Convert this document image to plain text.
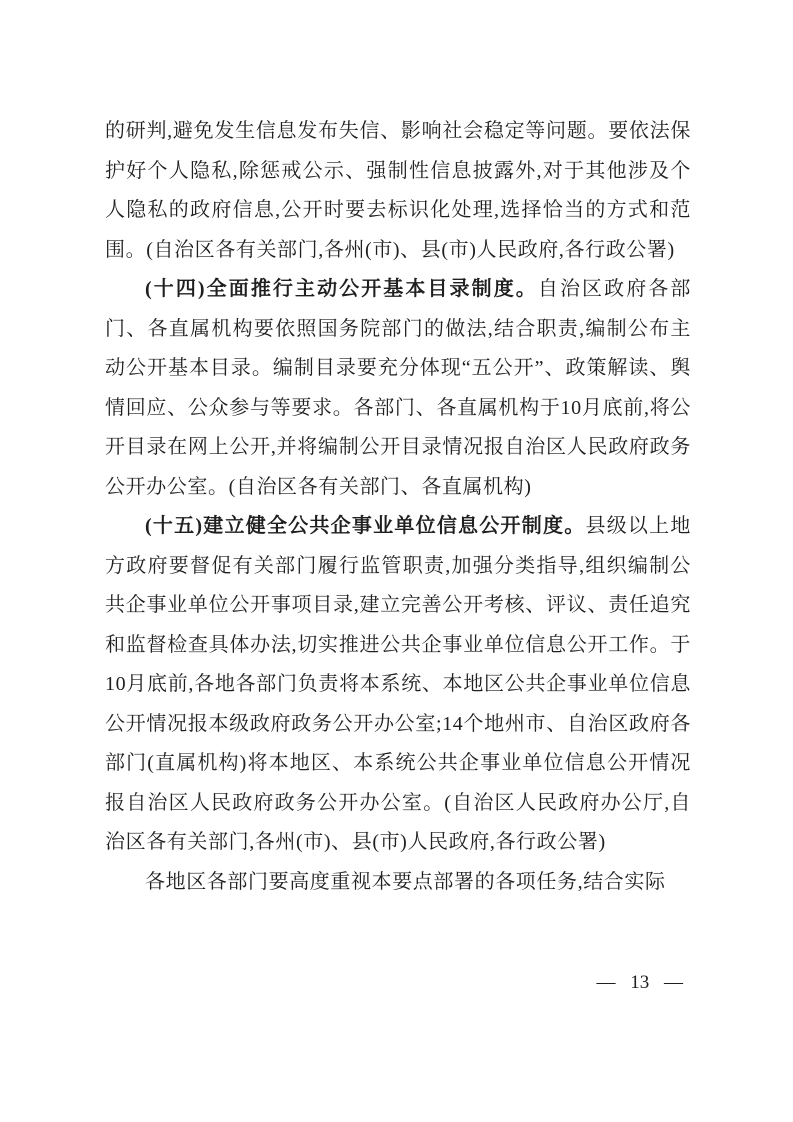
的研判,避免发生信息发布失信、影响社会稳定等问题。要依法保护好个人隐私,除惩戒公示、强制性信息披露外,对于其他涉及个人隐私的政府信息,公开时要去标识化处理,选择恰当的方式和范围。(自治区各有关部门,各州(市)、县(市)人民政府,各行政公署)

(十四)全面推行主动公开基本目录制度。自治区政府各部门、各直属机构要依照国务院部门的做法,结合职责,编制公布主动公开基本目录。编制目录要充分体现“五公开”、政策解读、舆情回应、公众参与等要求。各部门、各直属机构于10月底前,将公开目录在网上公开,并将编制公开目录情况报自治区人民政府政务公开办公室。(自治区各有关部门、各直属机构)

(十五)建立健全公共企事业单位信息公开制度。县级以上地方政府要督促有关部门履行监管职责,加强分类指导,组织编制公共企事业单位公开事项目录,建立完善公开考核、评议、责任追究和监督检查具体办法,切实推进公共企事业单位信息公开工作。于10月底前,各地各部门负责将本系统、本地区公共企事业单位信息公开情况报本级政府政务公开办公室;14个地州市、自治区政府各部门(直属机构)将本地区、本系统公共企事业单位信息公开情况报自治区人民政府政务公开办公室。(自治区人民政府办公厅,自治区各有关部门,各州(市)、县(市)人民政府,各行政公署)

各地区各部门要高度重视本要点部署的各项任务,结合实际

— 13 —
